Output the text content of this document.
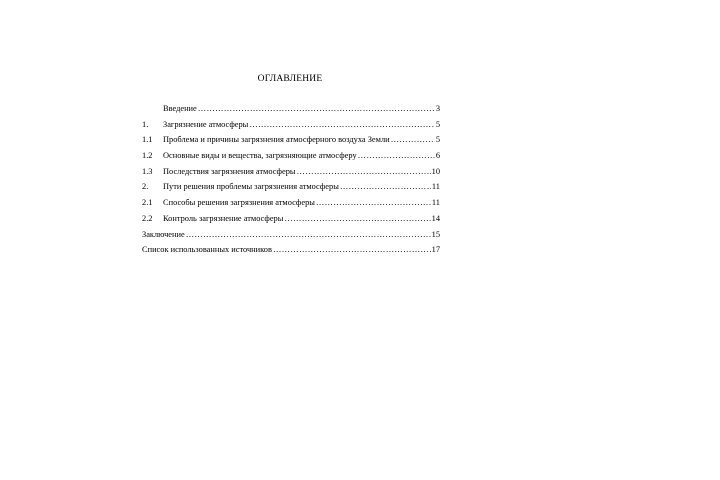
ОГЛАВЛЕНИЕ
Введение ……………………………………………………………………………………………………………………………………	3
1.	Загрязнение атмосферы ……………………………………………………………………………………………………………………………………	5
1.1	Проблема и причины загрязнения атмосферного воздуха Земли ……………………………………………………………………………………………………………………………………	5
1.2	Основные виды и вещества, загрязняющие атмосферу ……………………………………………………………………………………………………………………………………	6
1.3	Последствия загрязнения атмосферы ……………………………………………………………………………………………………………………………………	10
2.	Пути решения проблемы загрязнения атмосферы ……………………………………………………………………………………………………………………………………	11
2.1	Способы решения загрязнения атмосферы ……………………………………………………………………………………………………………………………………	11
2.2	Контроль загрязнение атмосферы ……………………………………………………………………………………………………………………………………	14
Заключение ……………………………………………………………………………………………………………………………………	15
Список использованных источников ……………………………………………………………………………………………………………………………………	17
